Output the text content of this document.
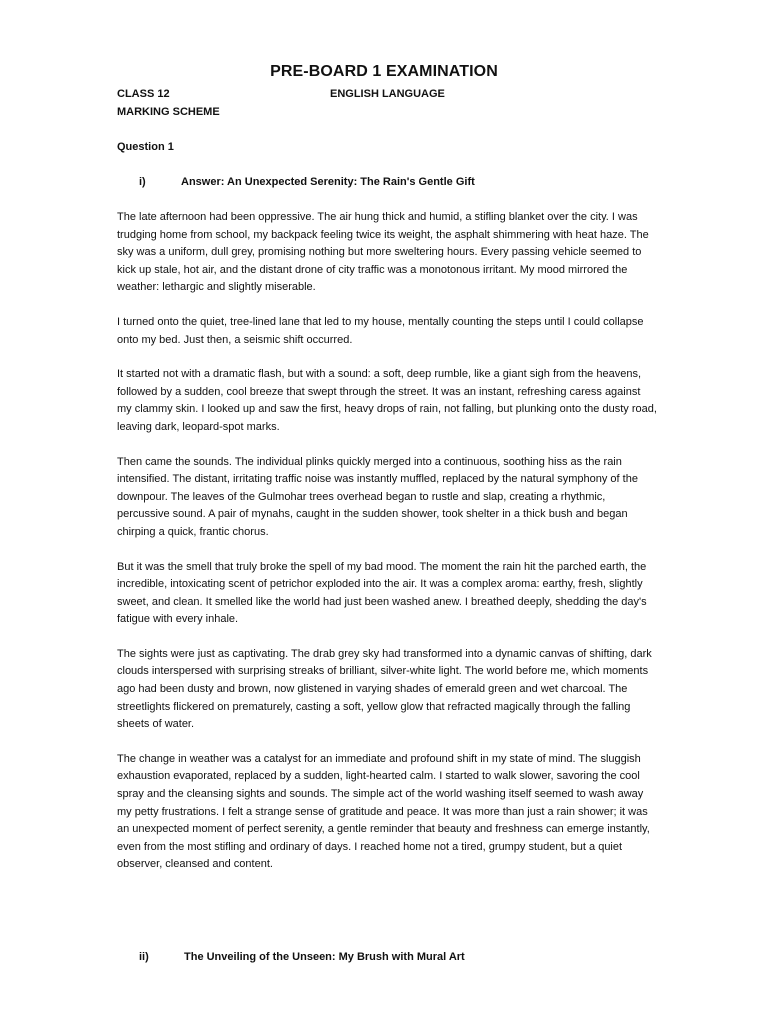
PRE-BOARD 1 EXAMINATION
CLASS 12	ENGLISH LANGUAGE
MARKING SCHEME
Question 1
i)	Answer: An Unexpected Serenity: The Rain's Gentle Gift

The late afternoon had been oppressive. The air hung thick and humid, a stifling blanket over the city. I was trudging home from school, my backpack feeling twice its weight, the asphalt shimmering with heat haze. The sky was a uniform, dull grey, promising nothing but more sweltering hours. Every passing vehicle seemed to kick up stale, hot air, and the distant drone of city traffic was a monotonous irritant. My mood mirrored the weather: lethargic and slightly miserable.

I turned onto the quiet, tree-lined lane that led to my house, mentally counting the steps until I could collapse onto my bed. Just then, a seismic shift occurred.

It started not with a dramatic flash, but with a sound: a soft, deep rumble, like a giant sigh from the heavens, followed by a sudden, cool breeze that swept through the street. It was an instant, refreshing caress against my clammy skin. I looked up and saw the first, heavy drops of rain, not falling, but plunking onto the dusty road, leaving dark, leopard-spot marks.

Then came the sounds. The individual plinks quickly merged into a continuous, soothing hiss as the rain intensified. The distant, irritating traffic noise was instantly muffled, replaced by the natural symphony of the downpour. The leaves of the Gulmohar trees overhead began to rustle and slap, creating a rhythmic, percussive sound. A pair of mynahs, caught in the sudden shower, took shelter in a thick bush and began chirping a quick, frantic chorus.

But it was the smell that truly broke the spell of my bad mood. The moment the rain hit the parched earth, the incredible, intoxicating scent of petrichor exploded into the air. It was a complex aroma: earthy, fresh, slightly sweet, and clean. It smelled like the world had just been washed anew. I breathed deeply, shedding the day's fatigue with every inhale.

The sights were just as captivating. The drab grey sky had transformed into a dynamic canvas of shifting, dark clouds interspersed with surprising streaks of brilliant, silver-white light. The world before me, which moments ago had been dusty and brown, now glistened in varying shades of emerald green and wet charcoal. The streetlights flickered on prematurely, casting a soft, yellow glow that refracted magically through the falling sheets of water.

The change in weather was a catalyst for an immediate and profound shift in my state of mind. The sluggish exhaustion evaporated, replaced by a sudden, light-hearted calm. I started to walk slower, savoring the cool spray and the cleansing sights and sounds. The simple act of the world washing itself seemed to wash away my petty frustrations. I felt a strange sense of gratitude and peace. It was more than just a rain shower; it was an unexpected moment of perfect serenity, a gentle reminder that beauty and freshness can emerge instantly, even from the most stifling and ordinary of days. I reached home not a tired, grumpy student, but a quiet observer, cleansed and content.

ii)	The Unveiling of the Unseen: My Brush with Mural Art
